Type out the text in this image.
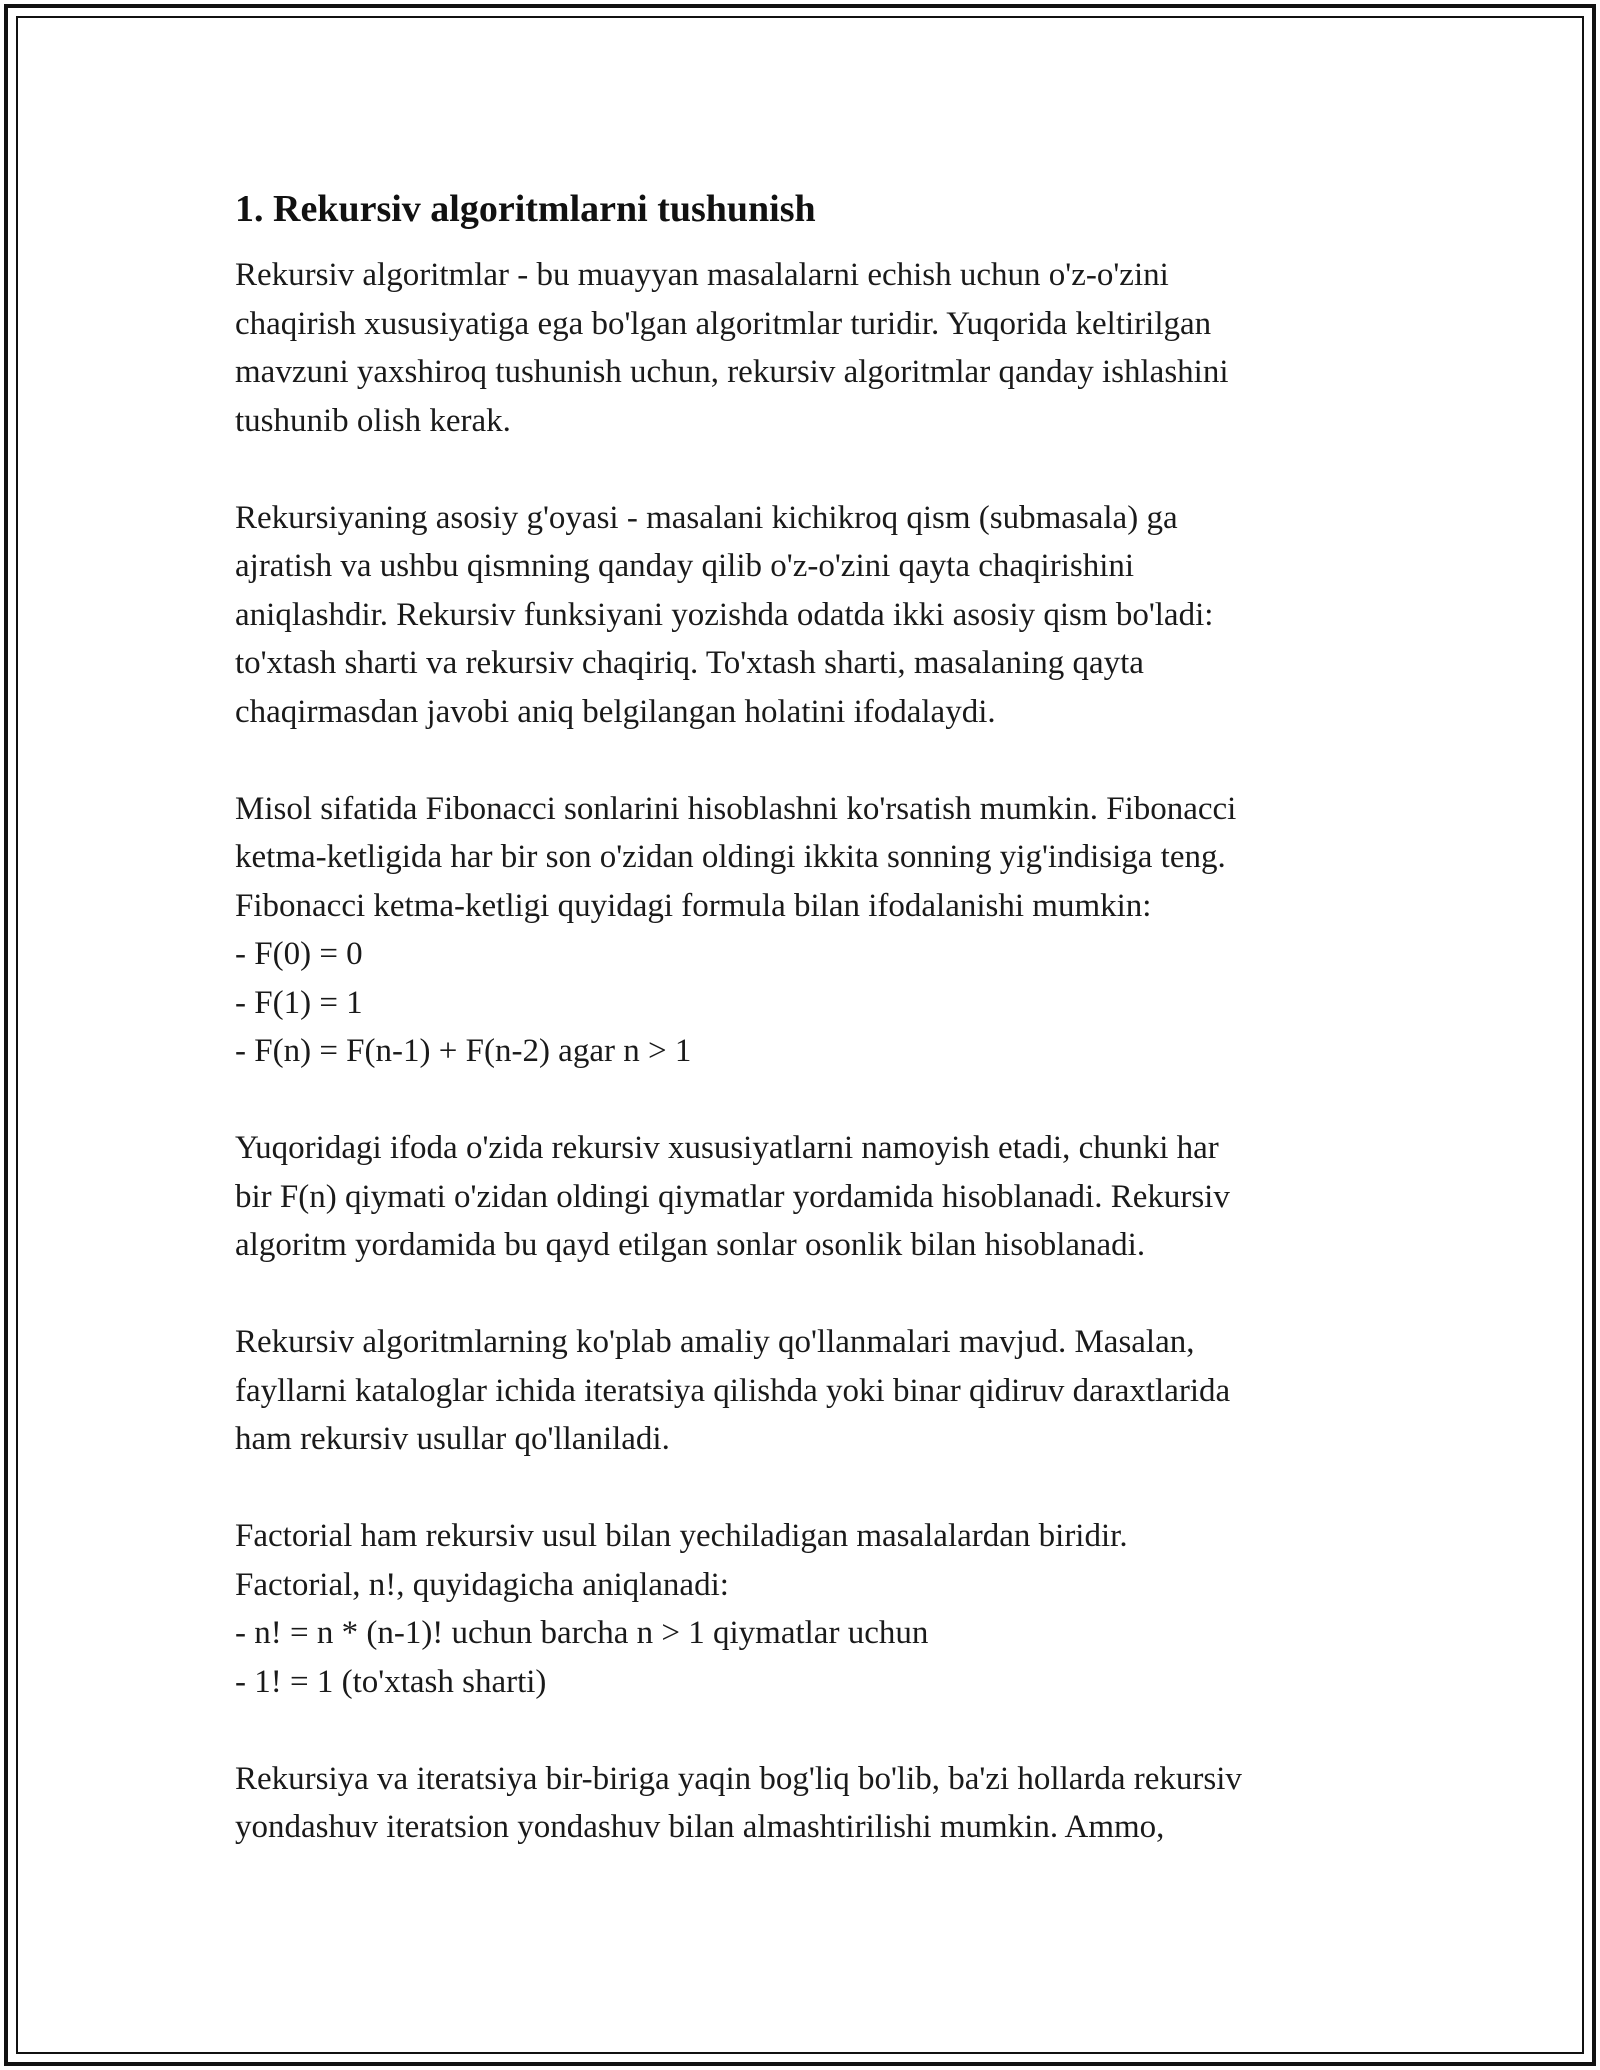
1. Rekursiv algoritmlarni tushunish
Rekursiv algoritmlar - bu muayyan masalalarni echish uchun o'z-o'zini
chaqirish xususiyatiga ega bo'lgan algoritmlar turidir. Yuqorida keltirilgan
mavzuni yaxshiroq tushunish uchun, rekursiv algoritmlar qanday ishlashini
tushunib olish kerak.
Rekursiyaning asosiy g'oyasi - masalani kichikroq qism (submasala) ga
ajratish va ushbu qismning qanday qilib o'z-o'zini qayta chaqirishini
aniqlashdir. Rekursiv funksiyani yozishda odatda ikki asosiy qism bo'ladi:
to'xtash sharti va rekursiv chaqiriq. To'xtash sharti, masalaning qayta
chaqirmasdan javobi aniq belgilangan holatini ifodalaydi.
Misol sifatida Fibonacci sonlarini hisoblashni ko'rsatish mumkin. Fibonacci
ketma-ketligida har bir son o'zidan oldingi ikkita sonning yig'indisiga teng.
Fibonacci ketma-ketligi quyidagi formula bilan ifodalanishi mumkin:
- F(0) = 0
- F(1) = 1
- F(n) = F(n-1) + F(n-2) agar n > 1
Yuqoridagi ifoda o'zida rekursiv xususiyatlarni namoyish etadi, chunki har
bir F(n) qiymati o'zidan oldingi qiymatlar yordamida hisoblanadi. Rekursiv
algoritm yordamida bu qayd etilgan sonlar osonlik bilan hisoblanadi.
Rekursiv algoritmlarning ko'plab amaliy qo'llanmalari mavjud. Masalan,
fayllarni kataloglar ichida iteratsiya qilishda yoki binar qidiruv daraxtlarida
ham rekursiv usullar qo'llaniladi.
Factorial ham rekursiv usul bilan yechiladigan masalalardan biridir.
Factorial, n!, quyidagicha aniqlanadi:
- n! = n * (n-1)! uchun barcha n > 1 qiymatlar uchun
- 1! = 1 (to'xtash sharti)
Rekursiya va iteratsiya bir-biriga yaqin bog'liq bo'lib, ba'zi hollarda rekursiv
yondashuv iteratsion yondashuv bilan almashtirilishi mumkin. Ammo,
